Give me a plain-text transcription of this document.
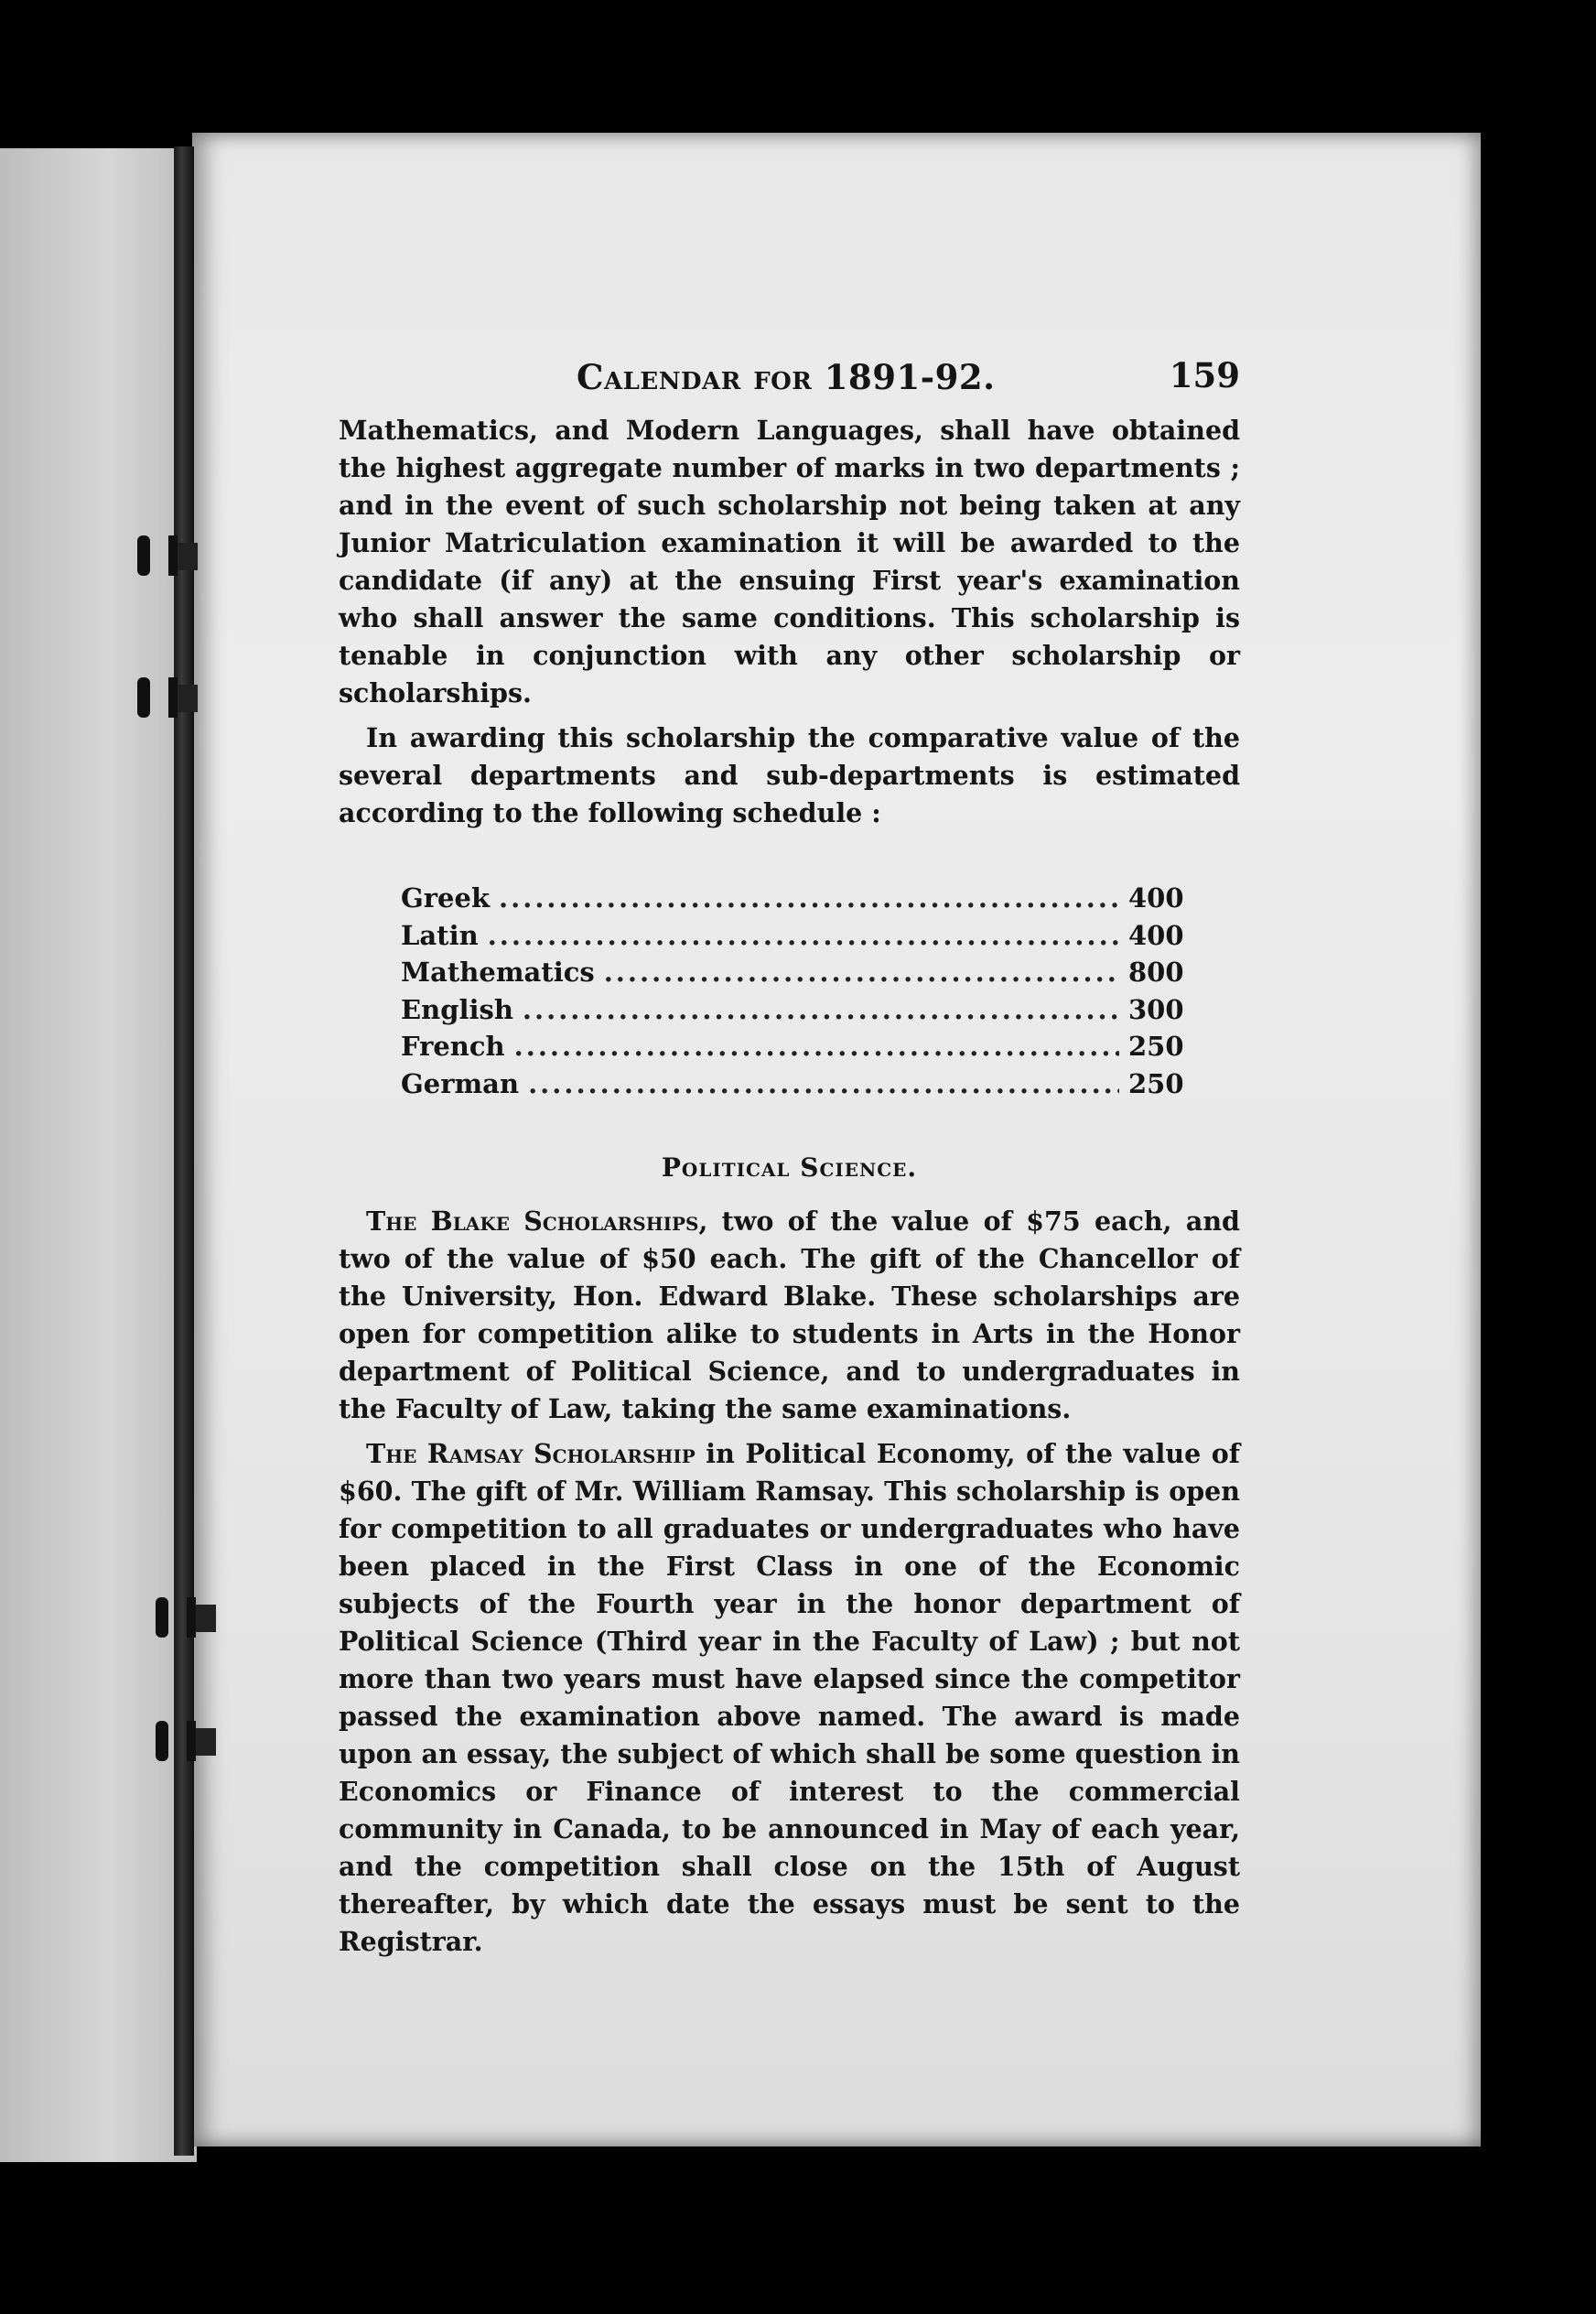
Calendar for 1891-92.	159

Mathematics, and Modern Languages, shall have obtained the highest aggregate number of marks in two departments ; and in the event of such scholarship not being taken at any Junior Matriculation examination it will be awarded to the candidate (if any) at the ensuing First year's examination who shall answer the same conditions. This scholarship is tenable in conjunction with any other scholarship or scholarships.

In awarding this scholarship the comparative value of the several departments and sub-departments is estimated according to the following schedule :

Greek .....	400
Latin .....	400
Mathematics .....	800
English .....	300
French .....	250
German .....	250
Political Science.

The Blake Scholarships, two of the value of $75 each, and two of the value of $50 each. The gift of the Chancellor of the University, Hon. Edward Blake. These scholarships are open for competition alike to students in Arts in the Honor department of Political Science, and to undergraduates in the Faculty of Law, taking the same examinations.

The Ramsay Scholarship in Political Economy, of the value of $60. The gift of Mr. William Ramsay. This scholarship is open for competition to all graduates or undergraduates who have been placed in the First Class in one of the Economic subjects of the Fourth year in the honor department of Political Science (Third year in the Faculty of Law) ; but not more than two years must have elapsed since the competitor passed the examination above named. The award is made upon an essay, the subject of which shall be some question in Economics or Finance of interest to the commercial community in Canada, to be announced in May of each year, and the competition shall close on the 15th of August thereafter, by which date the essays must be sent to the Registrar.
